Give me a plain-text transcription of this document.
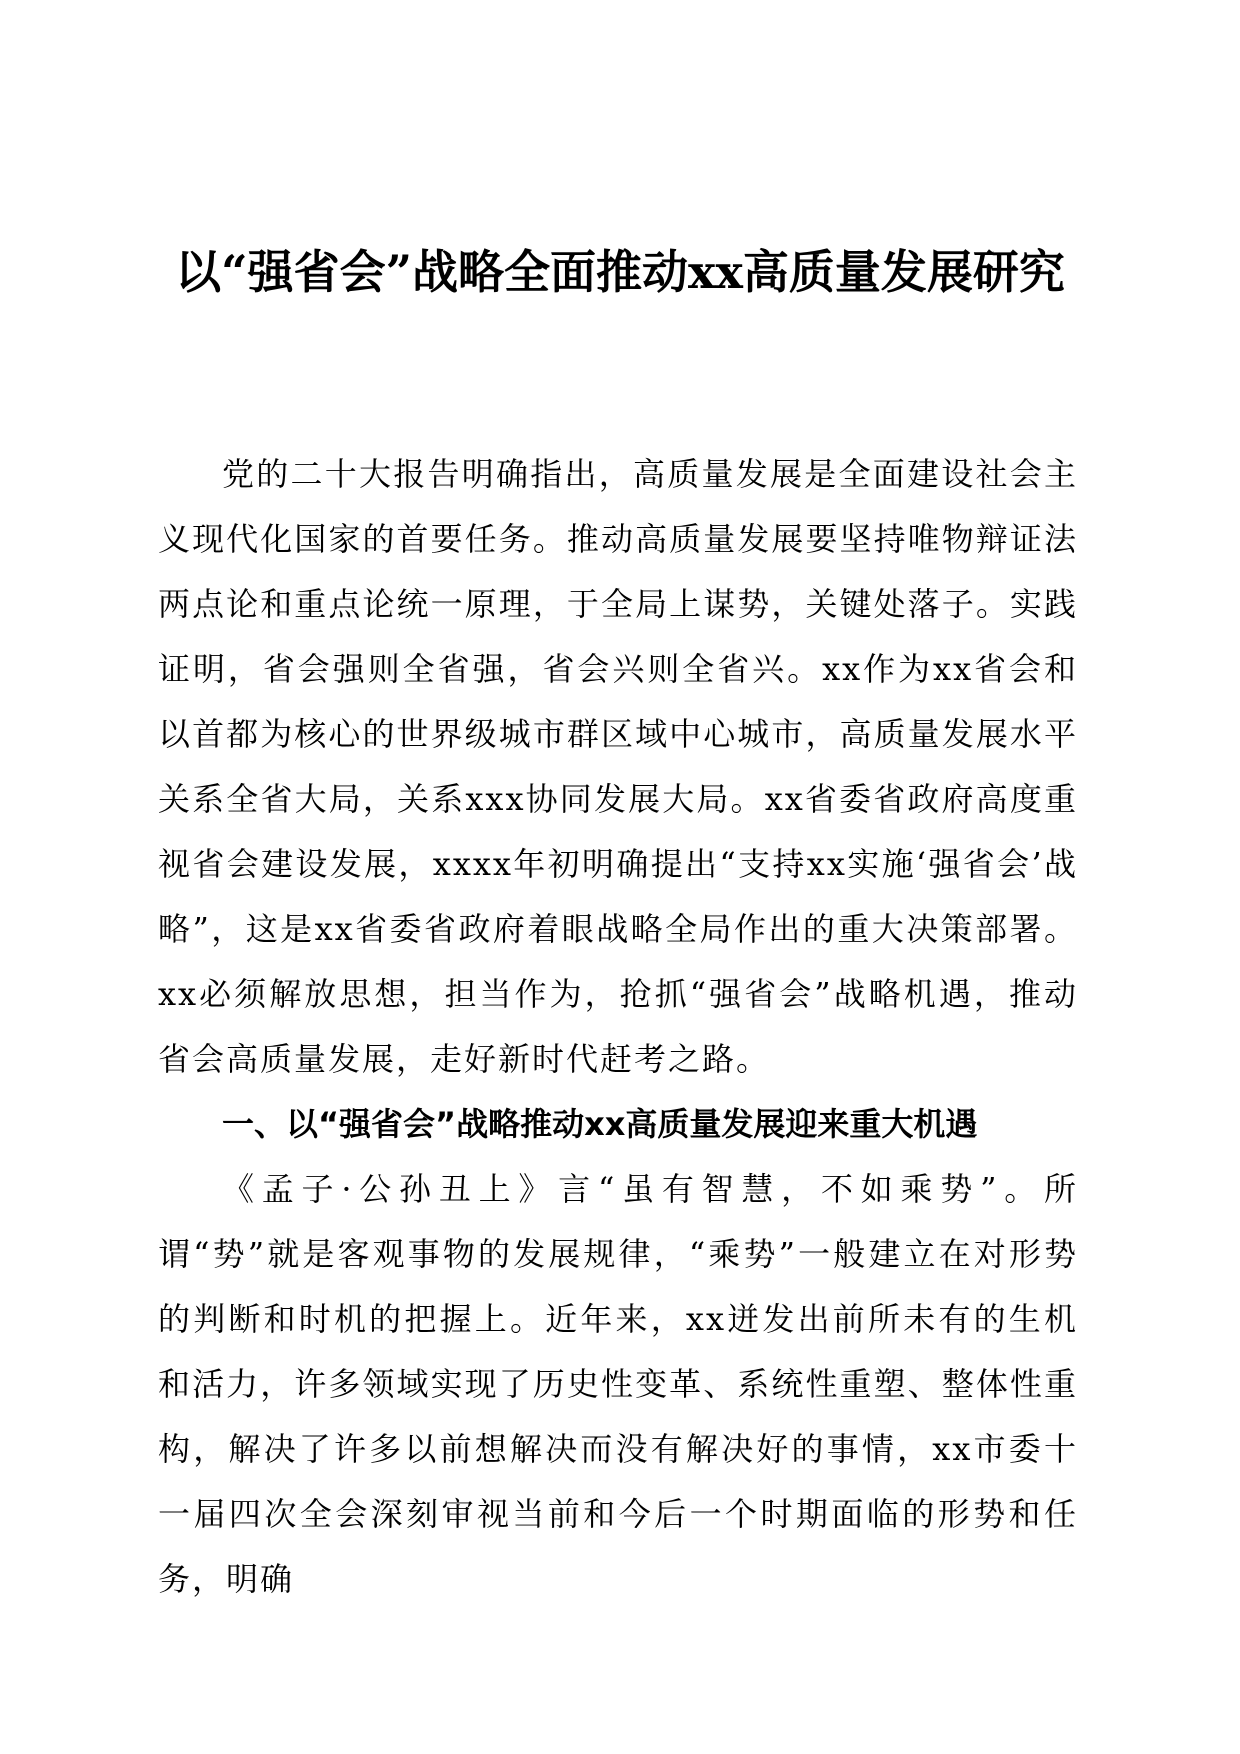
以“强省会”战略全面推动xx高质量发展研究

党的二十大报告明确指出，高质量发展是全面建设社会主义现代化国家的首要任务。推动高质量发展要坚持唯物辩证法两点论和重点论统一原理，于全局上谋势，关键处落子。实践证明，省会强则全省强，省会兴则全省兴。xx作为xx省会和以首都为核心的世界级城市群区域中心城市，高质量发展水平关系全省大局，关系xxx协同发展大局。xx省委省政府高度重视省会建设发展，xxxx年初明确提出“支持xx实施‘强省会’战略”，这是xx省委省政府着眼战略全局作出的重大决策部署。xx必须解放思想，担当作为，抢抓“强省会”战略机遇，推动省会高质量发展，走好新时代赶考之路。

一、以“强省会”战略推动xx高质量发展迎来重大机遇

《孟子·公孙丑上》言“虽有智慧，不如乘势”。所谓“势”就是客观事物的发展规律，“乘势”一般建立在对形势的判断和时机的把握上。近年来，xx迸发出前所未有的生机和活力，许多领域实现了历史性变革、系统性重塑、整体性重构，解决了许多以前想解决而没有解决好的事情，xx市委十一届四次全会深刻审视当前和今后一个时期面临的形势和任务，明确
